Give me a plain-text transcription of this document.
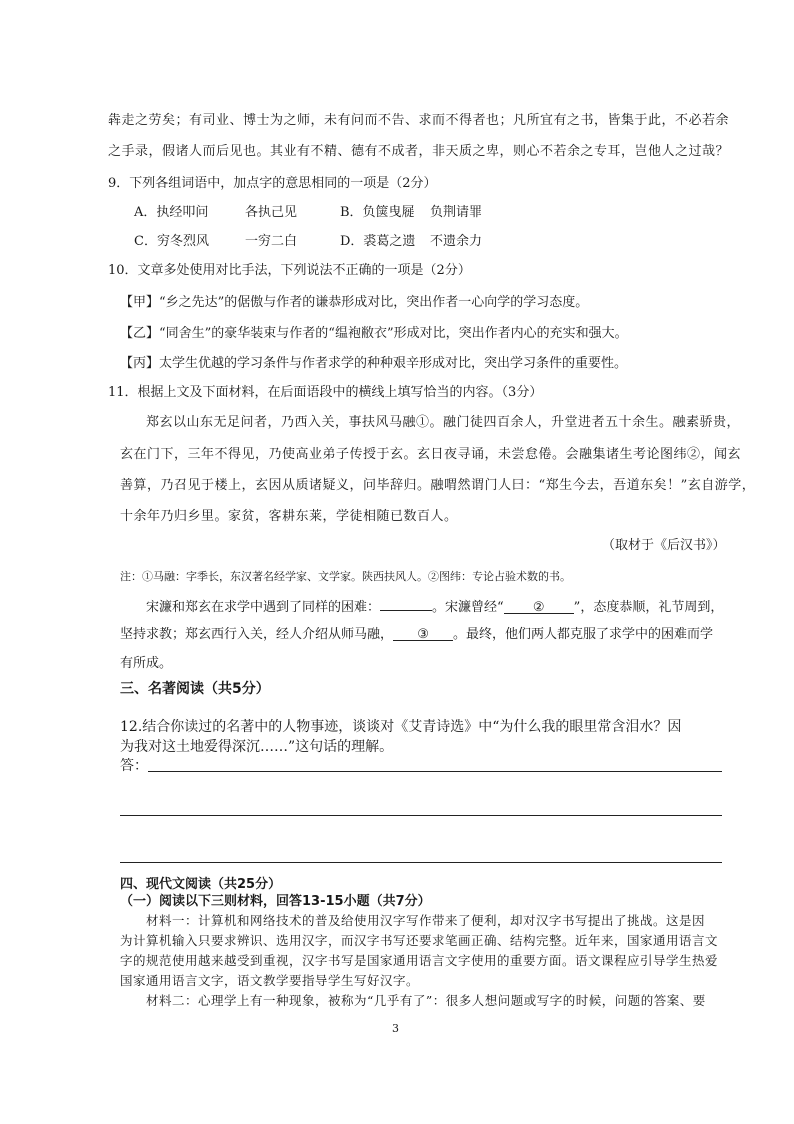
犇走之劳矣；有司业、博士为之师，未有问而不告、求而不得者也；凡所宜有之书，皆集于此，不必若余
之手录，假诸人而后见也。其业有不精、德有不成者，非天质之卑，则心不若余之专耳，岂他人之过哉？
9．下列各组词语中，加点字的意思相同的一项是（2分）
A．执经叩问	各执己见	B．负箧曳屣 负荆请罪
C．穷冬烈风	一穷二白	D．裘葛之遗 不遗余力
10．文章多处使用对比手法，下列说法不正确的一项是（2分）
【甲】“乡之先达”的倨傲与作者的谦恭形成对比，突出作者一心向学的学习态度。
【乙】“同舍生”的豪华装束与作者的“缊袍敝衣”形成对比，突出作者内心的充实和强大。
【丙】太学生优越的学习条件与作者求学的种种艰辛形成对比，突出学习条件的重要性。
11．根据上文及下面材料，在后面语段中的横线上填写恰当的内容。（3分）
郑玄以山东无足问者，乃西入关，事扶风马融①。融门徒四百余人，升堂进者五十余生。融素骄贵，
玄在门下，三年不得见，乃使高业弟子传授于玄。玄日夜寻诵，未尝怠倦。会融集诸生考论图纬②，闻玄
善算，乃召见于楼上，玄因从质诸疑义，问毕辞归。融喟然谓门人曰：“郑生今去，吾道东矣！”玄自游学，
十余年乃归乡里。家贫，客耕东莱，学徒相随已数百人。
（取材于《后汉书》）
注：①马融：字季长，东汉著名经学家、文学家。陕西扶风人。②图纬：专论占验术数的书。
宋濂和郑玄在求学中遇到了同样的困难：	。宋濂曾经“ ② ”，态度恭顺，礼节周到，
坚持求教；郑玄西行入关，经人介绍从师马融， ③ 。最终，他们两人都克服了求学中的困难而学
有所成。
三、名著阅读（共5分）
12.结合你读过的名著中的人物事迹，谈谈对《艾青诗选》中“为什么我的眼里常含泪水？因
为我对这土地爱得深沉……”这句话的理解。
答：
四、现代文阅读（共25分）
（一）阅读以下三则材料，回答13-15小题（共7分）
材料一：计算机和网络技术的普及给使用汉字写作带来了便利，却对汉字书写提出了挑战。这是因
为计算机输入只要求辨识、选用汉字，而汉字书写还要求笔画正确、结构完整。近年来，国家通用语言文
字的规范使用越来越受到重视，汉字书写是国家通用语言文字使用的重要方面。语文课程应引导学生热爱
国家通用语言文字，语文教学要指导学生写好汉字。
材料二：心理学上有一种现象，被称为“几乎有了”：很多人想问题或写字的时候，问题的答案、要
3
